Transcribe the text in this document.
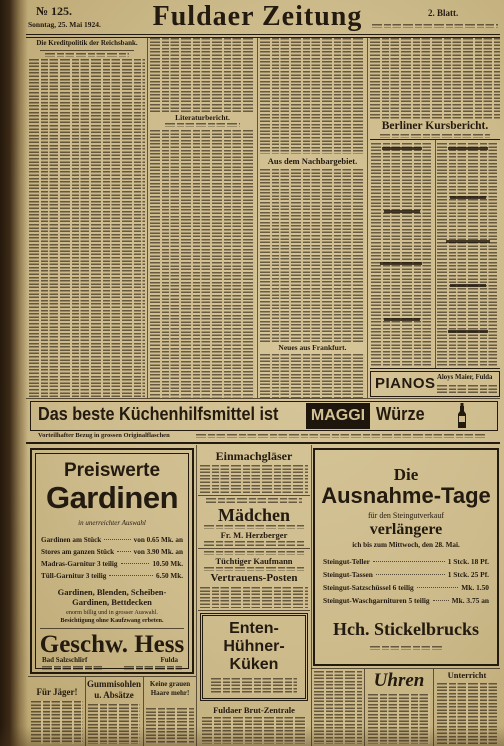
№ 125.
Sonntag, 25. Mai 1924. Fuldaer Zeitung	2. Blatt.
Die Kreditpolitik der Reichsbank.
Literaturbericht.
Aus dem Nachbargebiet.
Neues aus Frankfurt.
Berliner Kursbericht.
PIANOS Aloys Maier, Fulda
Das beste Küchenhilfsmittel ist	MAGGI Würze
Vorteilhafter Bezug in grossen Originalflaschen
Preiswerte
Gardinen
in unerreichter Auswahl
Gardinen am Stück	von 0.65 Mk. an
Stores am ganzen Stück	von 3.90 Mk. an
Madras-Garnitur 3 teilig	10.50 Mk.
Tüll-Garnitur 3 teilig	6.50 Mk.
Gardinen, Blenden, Scheiben-Gardinen, Bettdecken
enorm billig und in grosser Auswahl.
Besichtigung ohne Kaufzwang erbeten.
Geschw. Hess
Bad Salzschlirf	Fulda
Für Jäger!
Gummisohlen
u. Absätze
Keine grauen Haare mehr!
Einmachgläser
Mädchen
Fr. M. Herzberger
Tüchtiger Kaufmann
Vertrauens-Posten
Enten-
Hühner-
Küken
Fuldaer Brut-Zentrale
Die
Ausnahme-Tage
für den Steingutverkauf
verlängere
ich bis zum Mittwoch, den 28. Mai.
Steingut-Teller	1 Stck. 18 Pf.
Steingut-Tassen	1 Stck. 25 Pf.
Steingut-Satzschüssel 6 teilig	Mk. 1.50
Steingut-Waschgarnituren 5 teilig	Mk. 3.75 an
Hch. Stickelbrucks
Uhren	Unterricht
